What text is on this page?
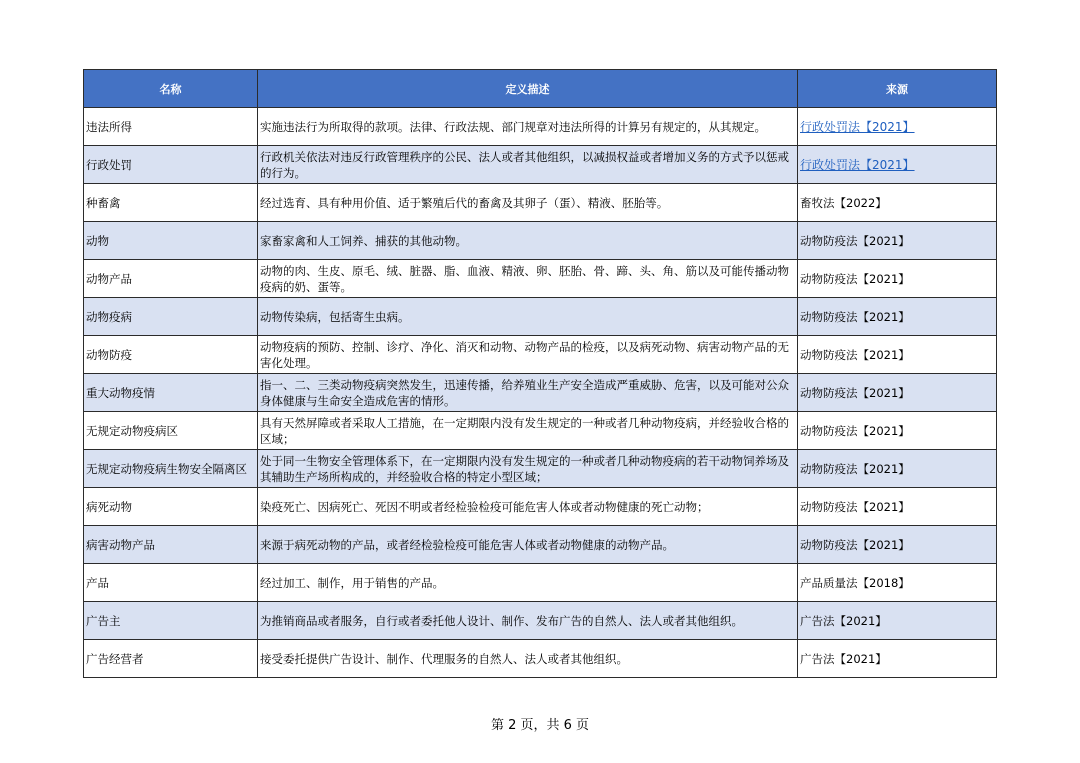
名称	定义描述	来源
违法所得	实施违法行为所取得的款项。法律、行政法规、部门规章对违法所得的计算另有规定的，从其规定。	行政处罚法【2021】
行政处罚	行政机关依法对违反行政管理秩序的公民、法人或者其他组织，以减损权益或者增加义务的方式予以惩戒的行为。	行政处罚法【2021】
种畜禽	经过选育、具有种用价值、适于繁殖后代的畜禽及其卵子（蛋）、精液、胚胎等。	畜牧法【2022】
动物	家畜家禽和人工饲养、捕获的其他动物。	动物防疫法【2021】
动物产品	动物的肉、生皮、原毛、绒、脏器、脂、血液、精液、卵、胚胎、骨、蹄、头、角、筋以及可能传播动物疫病的奶、蛋等。	动物防疫法【2021】
动物疫病	动物传染病，包括寄生虫病。	动物防疫法【2021】
动物防疫	动物疫病的预防、控制、诊疗、净化、消灭和动物、动物产品的检疫，以及病死动物、病害动物产品的无害化处理。	动物防疫法【2021】
重大动物疫情	指一、二、三类动物疫病突然发生，迅速传播，给养殖业生产安全造成严重威胁、危害，以及可能对公众身体健康与生命安全造成危害的情形。	动物防疫法【2021】
无规定动物疫病区	具有天然屏障或者采取人工措施，在一定期限内没有发生规定的一种或者几种动物疫病，并经验收合格的区域；	动物防疫法【2021】
无规定动物疫病生物安全隔离区	处于同一生物安全管理体系下，在一定期限内没有发生规定的一种或者几种动物疫病的若干动物饲养场及其辅助生产场所构成的，并经验收合格的特定小型区域；	动物防疫法【2021】
病死动物	染疫死亡、因病死亡、死因不明或者经检验检疫可能危害人体或者动物健康的死亡动物；	动物防疫法【2021】
病害动物产品	来源于病死动物的产品，或者经检验检疫可能危害人体或者动物健康的动物产品。	动物防疫法【2021】
产品	经过加工、制作，用于销售的产品。	产品质量法【2018】
广告主	为推销商品或者服务，自行或者委托他人设计、制作、发布广告的自然人、法人或者其他组织。	广告法【2021】
广告经营者	接受委托提供广告设计、制作、代理服务的自然人、法人或者其他组织。	广告法【2021】
第 2 页，共 6 页
